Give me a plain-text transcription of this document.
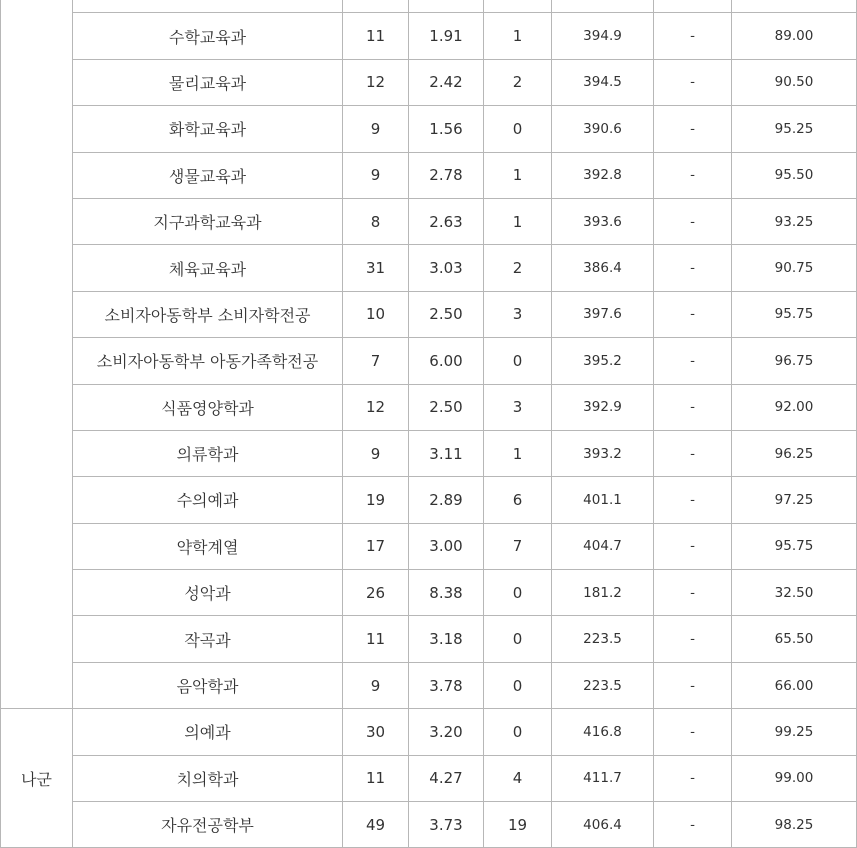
	수학교육과	11	1.91	1	394.9	-	89.00
	물리교육과	12	2.42	2	394.5	-	90.50
	화학교육과	9	1.56	0	390.6	-	95.25
	생물교육과	9	2.78	1	392.8	-	95.50
	지구과학교육과	8	2.63	1	393.6	-	93.25
	체육교육과	31	3.03	2	386.4	-	90.75
	소비자아동학부 소비자학전공	10	2.50	3	397.6	-	95.75
	소비자아동학부 아동가족학전공	7	6.00	0	395.2	-	96.75
	식품영양학과	12	2.50	3	392.9	-	92.00
	의류학과	9	3.11	1	393.2	-	96.25
	수의예과	19	2.89	6	401.1	-	97.25
	약학계열	17	3.00	7	404.7	-	95.75
	성악과	26	8.38	0	181.2	-	32.50
	작곡과	11	3.18	0	223.5	-	65.50
	음악학과	9	3.78	0	223.5	-	66.00
나군	의예과	30	3.20	0	416.8	-	99.25
	치의학과	11	4.27	4	411.7	-	99.00
	자유전공학부	49	3.73	19	406.4	-	98.25
